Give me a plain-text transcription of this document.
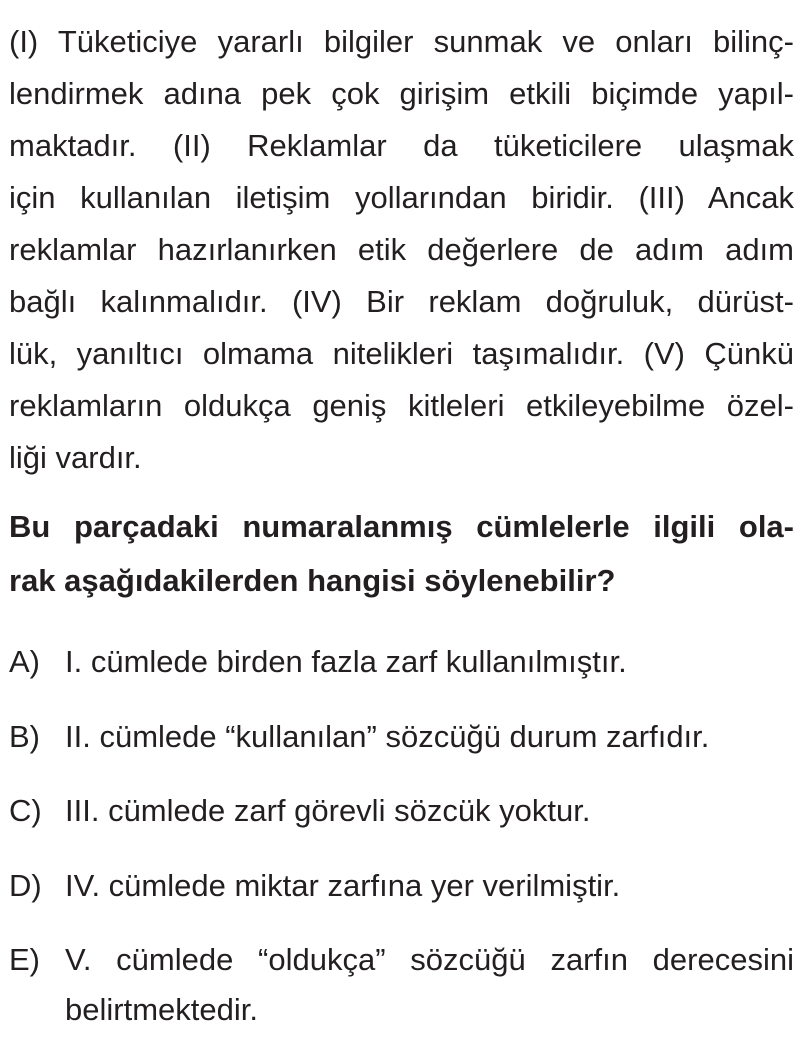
(I) Tüketiciye yararlı bilgiler sunmak ve onları bilinç-
lendirmek adına pek çok girişim etkili biçimde yapıl-
maktadır. (II) Reklamlar da tüketicilere ulaşmak
için kullanılan iletişim yollarından biridir. (III) Ancak
reklamlar hazırlanırken etik değerlere de adım adım
bağlı kalınmalıdır. (IV) Bir reklam doğruluk, dürüst-
lük, yanıltıcı olmama nitelikleri taşımalıdır. (V) Çünkü
reklamların oldukça geniş kitleleri etkileyebilme özel-
liği vardır.
Bu parçadaki numaralanmış cümlelerle ilgili ola-
rak aşağıdakilerden hangisi söylenebilir?
A) I. cümlede birden fazla zarf kullanılmıştır.
B) II. cümlede “kullanılan” sözcüğü durum zarfıdır.
C) III. cümlede zarf görevli sözcük yoktur.
D) IV. cümlede miktar zarfına yer verilmiştir.
E) V. cümlede “oldukça” sözcüğü zarfın derecesini
belirtmektedir.
